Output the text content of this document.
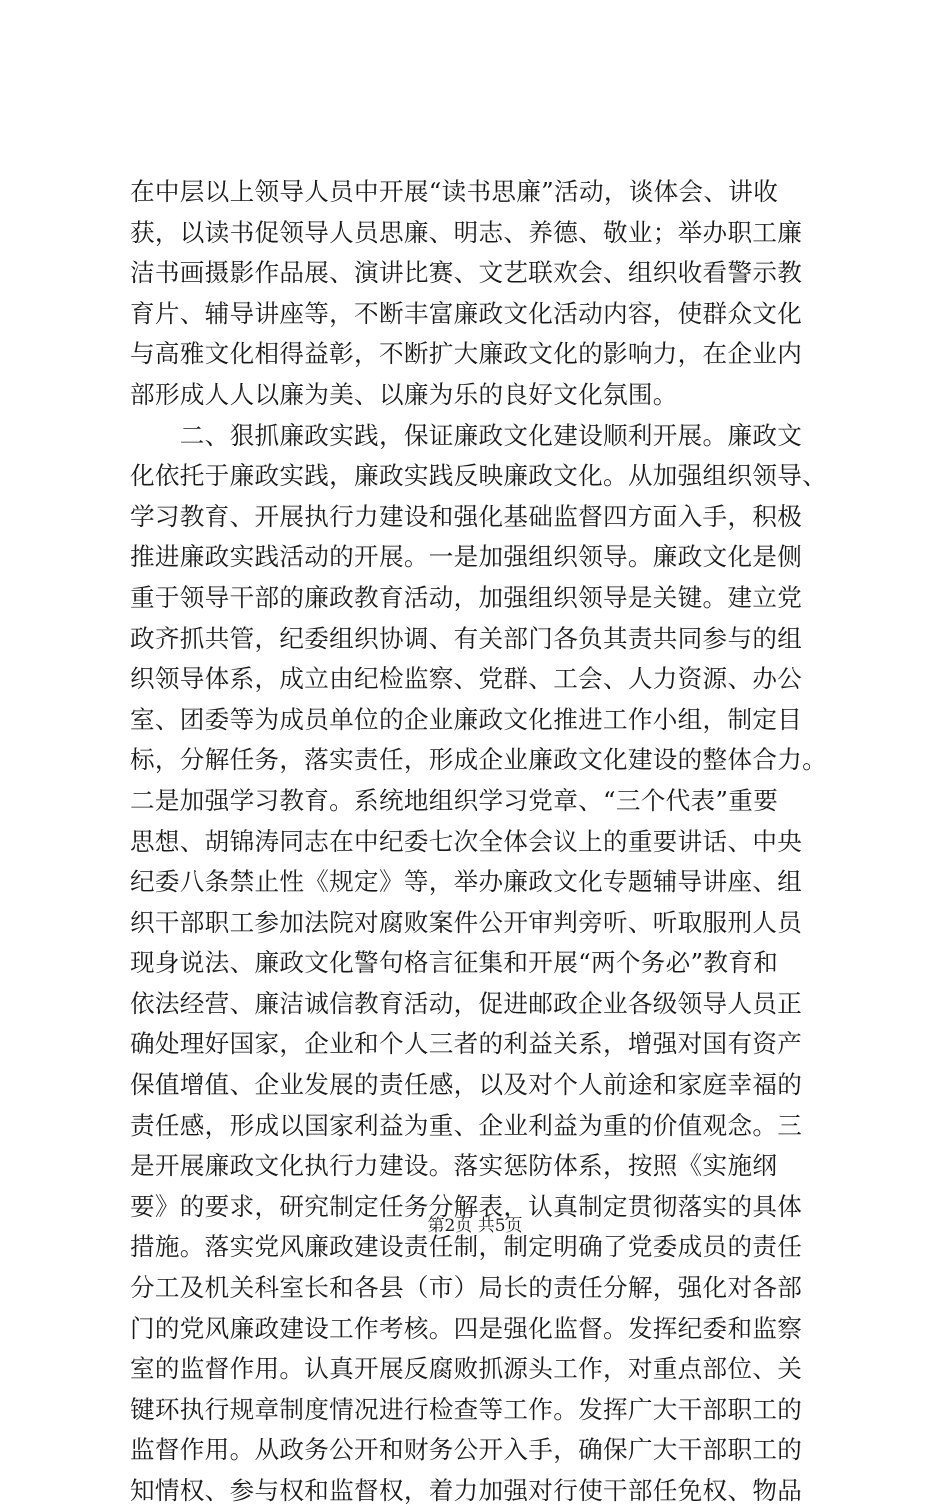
在中层以上领导人员中开展“读书思廉”活动，谈体会、讲收
获，以读书促领导人员思廉、明志、养德、敬业；举办职工廉
洁书画摄影作品展、演讲比赛、文艺联欢会、组织收看警示教
育片、辅导讲座等，不断丰富廉政文化活动内容，使群众文化
与高雅文化相得益彰，不断扩大廉政文化的影响力，在企业内
部形成人人以廉为美、以廉为乐的良好文化氛围。
　　二、狠抓廉政实践，保证廉政文化建设顺利开展。廉政文
化依托于廉政实践，廉政实践反映廉政文化。从加强组织领导、
学习教育、开展执行力建设和强化基础监督四方面入手，积极
推进廉政实践活动的开展。一是加强组织领导。廉政文化是侧
重于领导干部的廉政教育活动，加强组织领导是关键。建立党
政齐抓共管，纪委组织协调、有关部门各负其责共同参与的组
织领导体系，成立由纪检监察、党群、工会、人力资源、办公
室、团委等为成员单位的企业廉政文化推进工作小组，制定目
标，分解任务，落实责任，形成企业廉政文化建设的整体合力。
二是加强学习教育。系统地组织学习党章、“三个代表”重要
思想、胡锦涛同志在中纪委七次全体会议上的重要讲话、中央
纪委八条禁止性《规定》等，举办廉政文化专题辅导讲座、组
织干部职工参加法院对腐败案件公开审判旁听、听取服刑人员
现身说法、廉政文化警句格言征集和开展“两个务必”教育和
依法经营、廉洁诚信教育活动，促进邮政企业各级领导人员正
确处理好国家，企业和个人三者的利益关系，增强对国有资产
保值增值、企业发展的责任感，以及对个人前途和家庭幸福的
责任感，形成以国家利益为重、企业利益为重的价值观念。三
是开展廉政文化执行力建设。落实惩防体系，按照《实施纲
要》的要求，研究制定任务分解表，认真制定贯彻落实的具体
措施。落实党风廉政建设责任制，制定明确了党委成员的责任
分工及机关科室长和各县（市）局长的责任分解，强化对各部
门的党风廉政建设工作考核。四是强化监督。发挥纪委和监察
室的监督作用。认真开展反腐败抓源头工作，对重点部位、关
键环执行规章制度情况进行检查等工作。发挥广大干部职工的
监督作用。从政务公开和财务公开入手，确保广大干部职工的
知情权、参与权和监督权，着力加强对行使干部任免权、物品
第2页 共5页
